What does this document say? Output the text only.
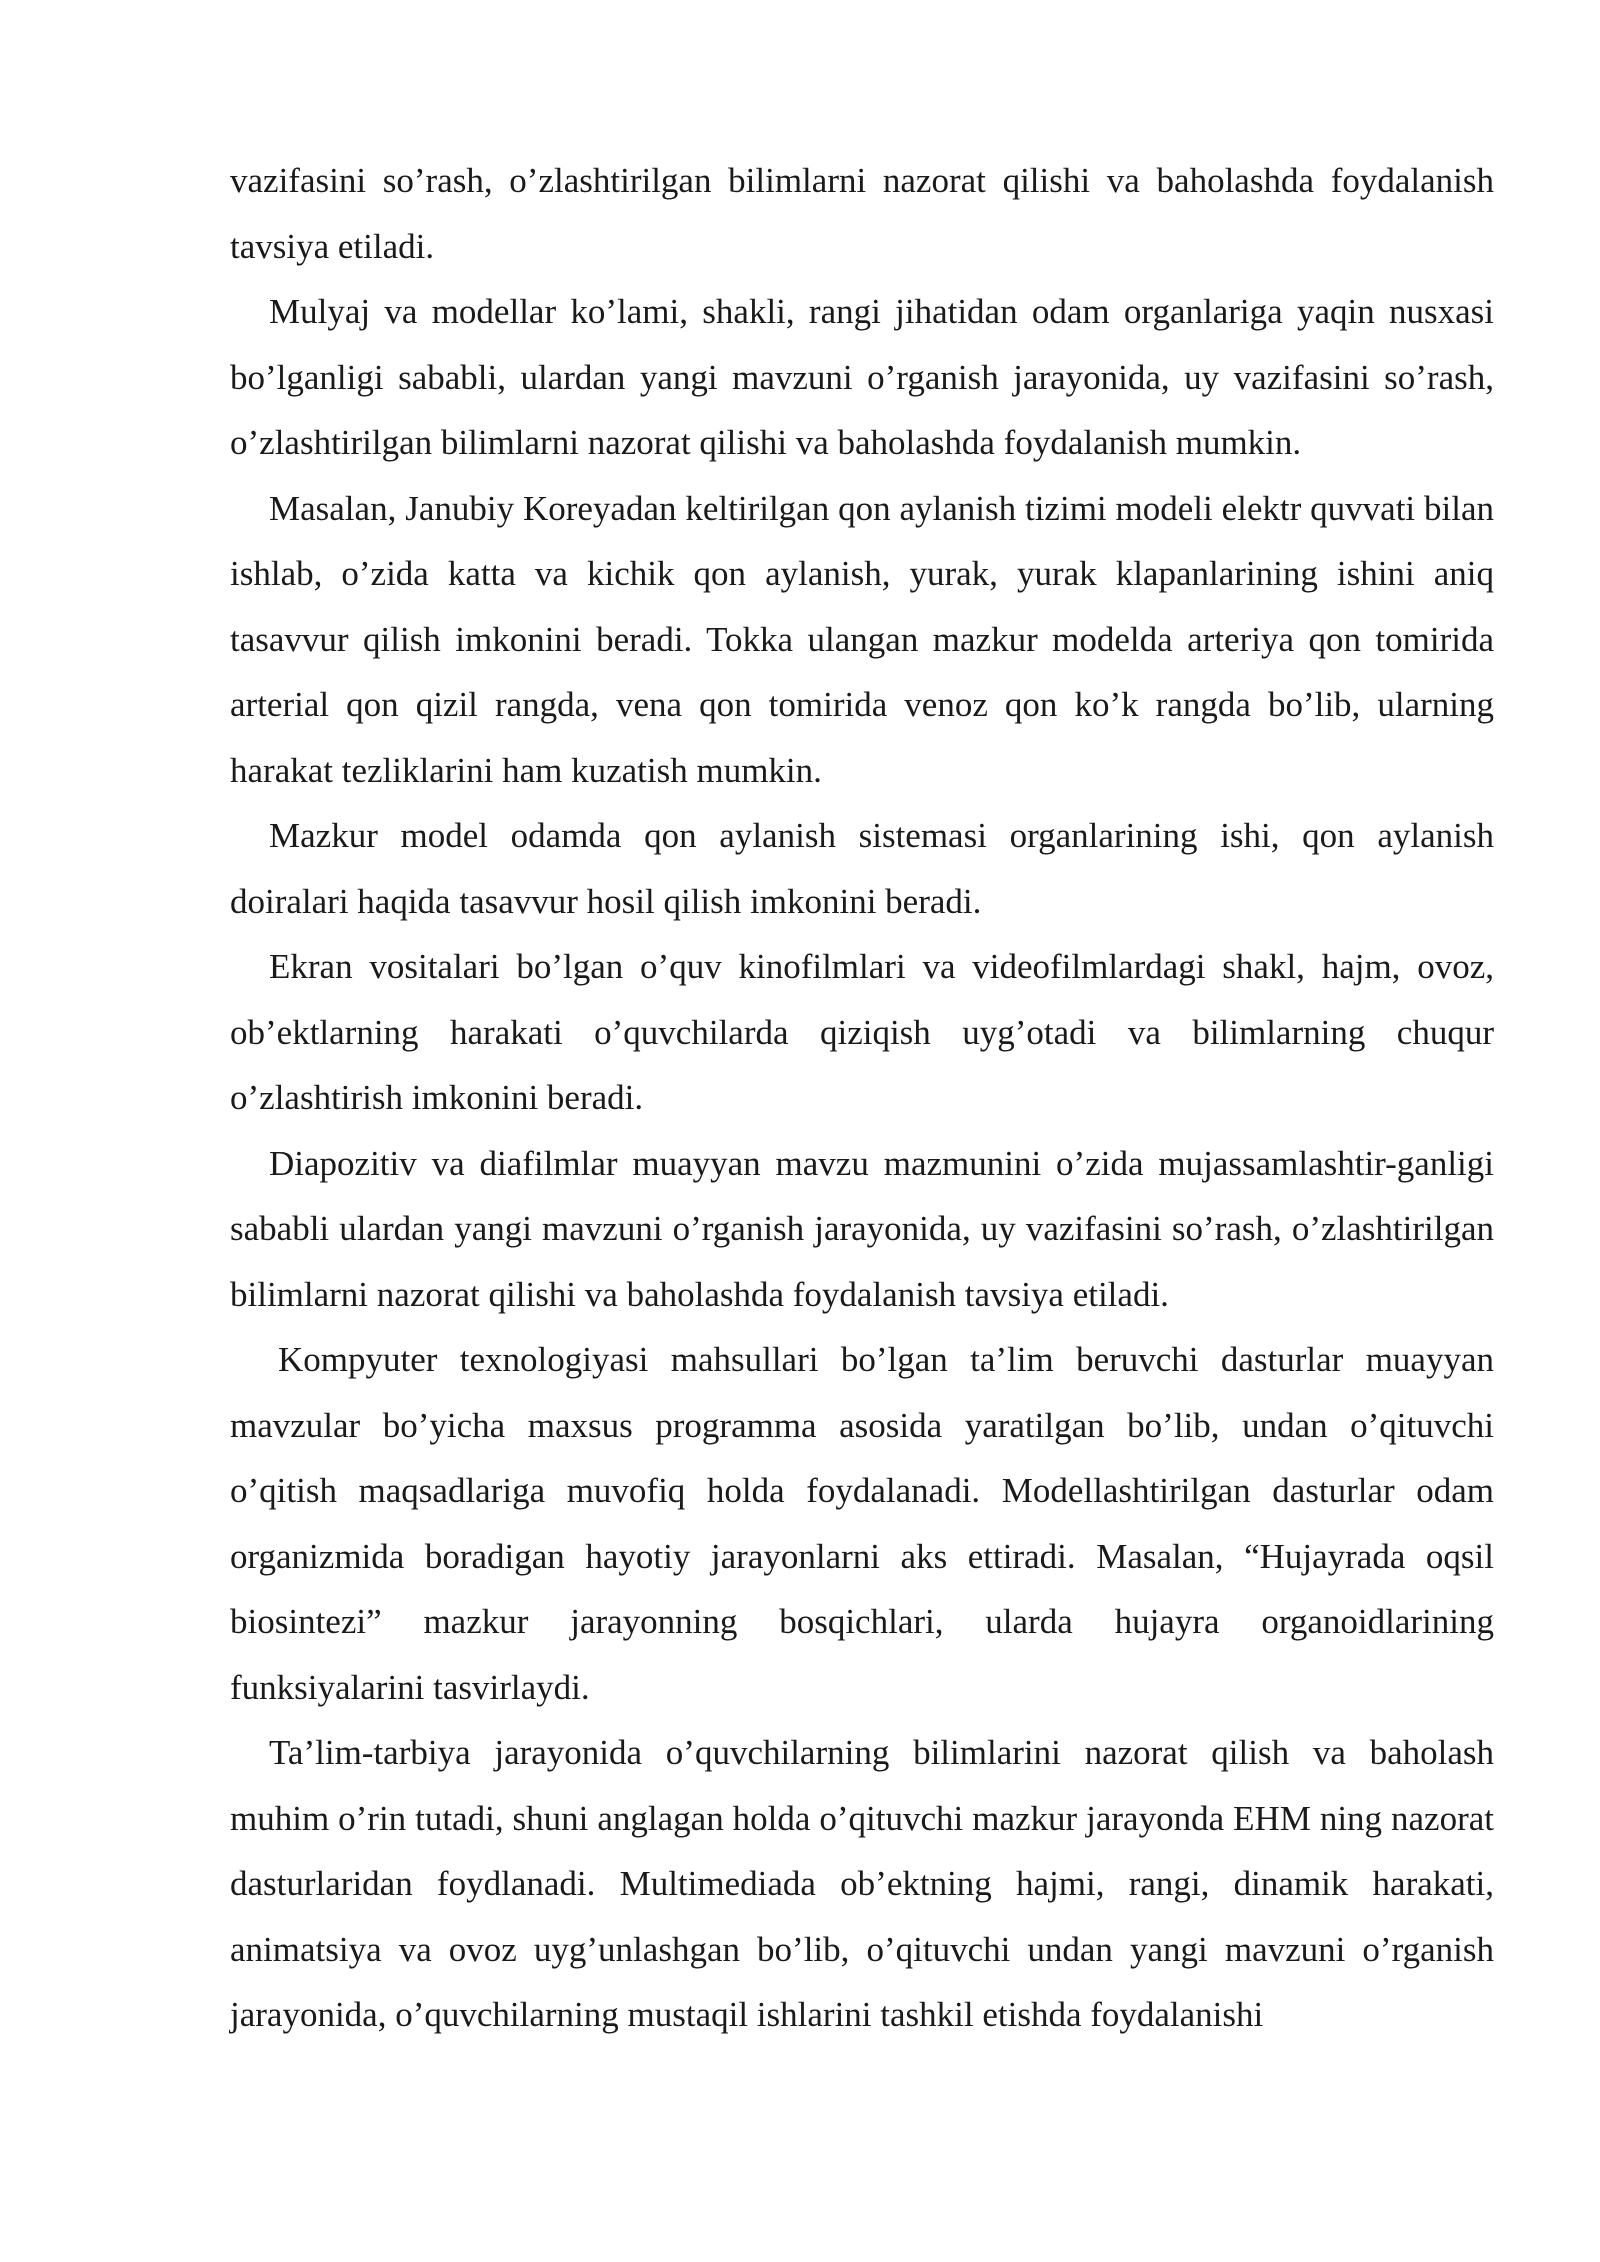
vazifasini so’rash, o’zlashtirilgan bilimlarni nazorat qilishi va baholashda foydalanish tavsiya etiladi.

Mulyaj va modellar ko’lami, shakli, rangi jihatidan odam organlariga yaqin nusxasi bo’lganligi sababli, ulardan yangi mavzuni o’rganish jarayonida, uy vazifasini so’rash, o’zlashtirilgan bilimlarni nazorat qilishi va baholashda foydalanish mumkin.

Masalan, Janubiy Koreyadan keltirilgan qon aylanish tizimi modeli elektr quvvati bilan ishlab, o’zida katta va kichik qon aylanish, yurak, yurak klapanlarining ishini aniq tasavvur qilish imkonini beradi. Tokka ulangan mazkur modelda arteriya qon tomirida arterial qon qizil rangda, vena qon tomirida venoz qon ko’k rangda bo’lib, ularning harakat tezliklarini ham kuzatish mumkin.

Mazkur model odamda qon aylanish sistemasi organlarining ishi, qon aylanish doiralari haqida tasavvur hosil qilish imkonini beradi.

Ekran vositalari bo’lgan o’quv kinofilmlari va videofilmlardagi shakl, hajm, ovoz, ob’ektlarning harakati o’quvchilarda qiziqish uyg’otadi va bilimlarning chuqur o’zlashtirish imkonini beradi.

Diapozitiv va diafilmlar muayyan mavzu mazmunini o’zida mujassamlashtir-ganligi sababli ulardan yangi mavzuni o’rganish jarayonida, uy vazifasini so’rash, o’zlashtirilgan bilimlarni nazorat qilishi va baholashda foydalanish tavsiya etiladi.

Kompyuter texnologiyasi mahsullari bo’lgan ta’lim beruvchi dasturlar muayyan mavzular bo’yicha maxsus programma asosida yaratilgan bo’lib, undan o’qituvchi o’qitish maqsadlariga muvofiq holda foydalanadi. Modellashtirilgan dasturlar odam organizmida boradigan hayotiy jarayonlarni aks ettiradi. Masalan, “Hujayrada oqsil biosintezi” mazkur jarayonning bosqichlari, ularda hujayra organoidlarining funksiyalarini tasvirlaydi.

Ta’lim-tarbiya jarayonida o’quvchilarning bilimlarini nazorat qilish va baholash muhim o’rin tutadi, shuni anglagan holda o’qituvchi mazkur jarayonda EHM ning nazorat dasturlaridan foydlanadi. Multimediada ob’ektning hajmi, rangi, dinamik harakati, animatsiya va ovoz uyg’unlashgan bo’lib, o’qituvchi undan yangi mavzuni o’rganish jarayonida, o’quvchilarning mustaqil ishlarini tashkil etishda foydalanishi
